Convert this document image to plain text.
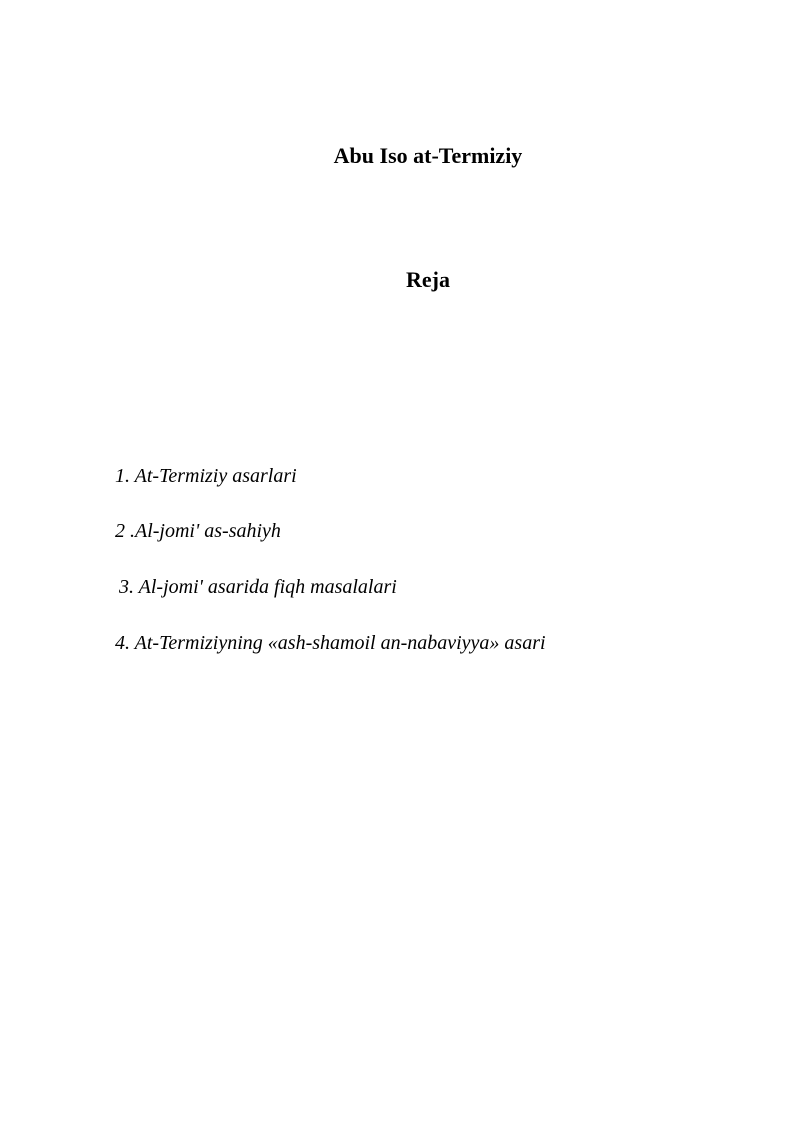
Abu Iso at-Termiziy
Reja
1. At-Termiziy asarlari
2 .Al-jomi' as-sahiyh
3. Al-jomi' asarida fiqh masalalari
4. At-Termiziyning «ash-shamoil an-nabaviyya» asari
